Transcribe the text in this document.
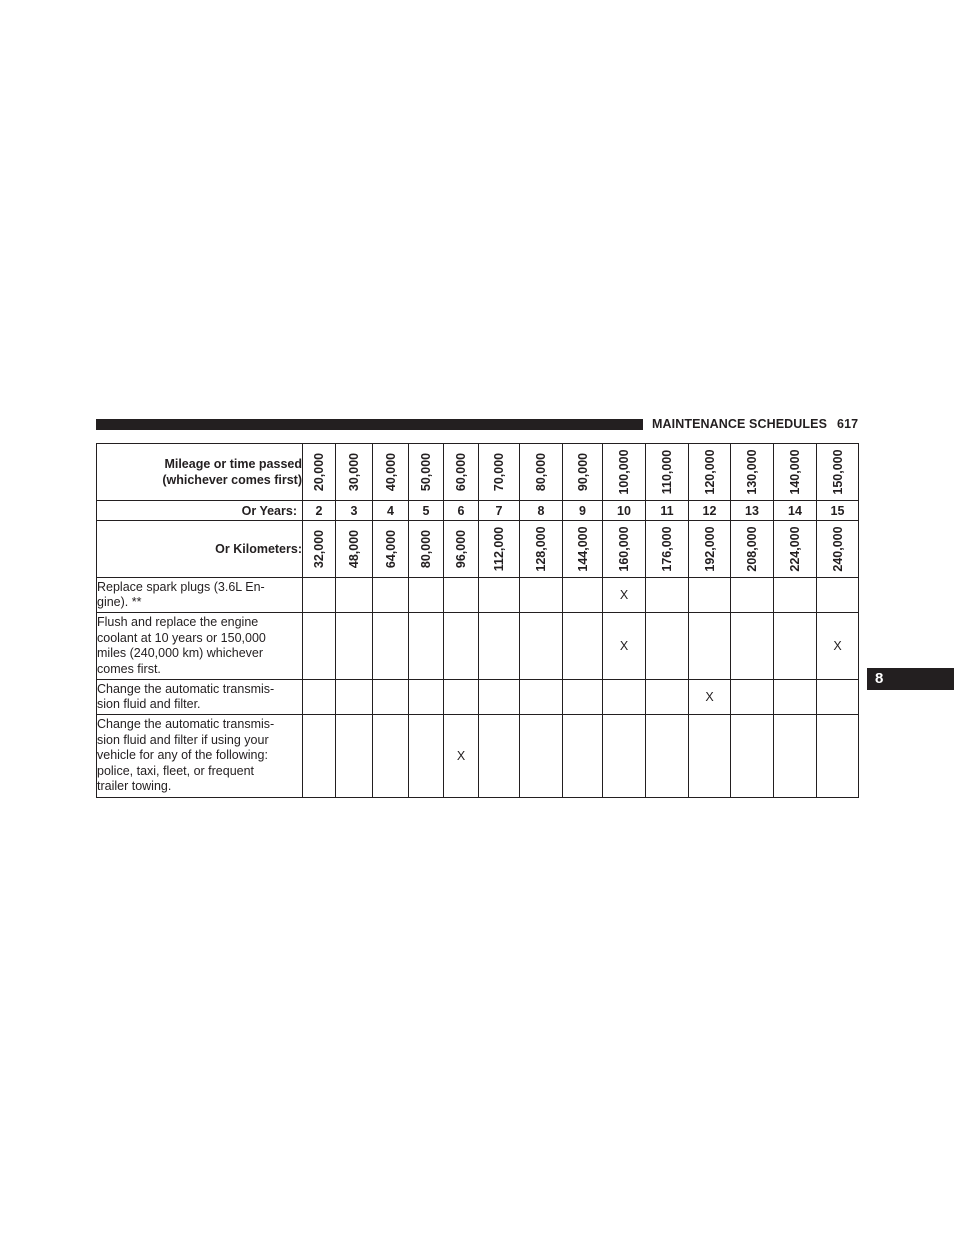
MAINTENANCE SCHEDULES 617
8
Mileage or time passed
(whichever comes first)	20,000	30,000	40,000	50,000	60,000	70,000	80,000	90,000	100,000	110,000	120,000	130,000	140,000	150,000

Or Years:	2	3	4	5	6	7	8	9	10	11	12	13	14	15
Or Kilometers:	32,000	48,000	64,000	80,000	96,000	112,000	128,000	144,000	160,000	176,000	192,000	208,000	224,000	240,000

Replace spark plugs (3.6L En-
gine). **									X					
Flush and replace the engine
coolant at 10 years or 150,000
miles (240,000 km) whichever
comes first.									X					X
Change the automatic transmis-
sion fluid and filter.											X			
Change the automatic transmis-
sion fluid and filter if using your
vehicle for any of the following:
police, taxi, fleet, or frequent
trailer towing.					X									
